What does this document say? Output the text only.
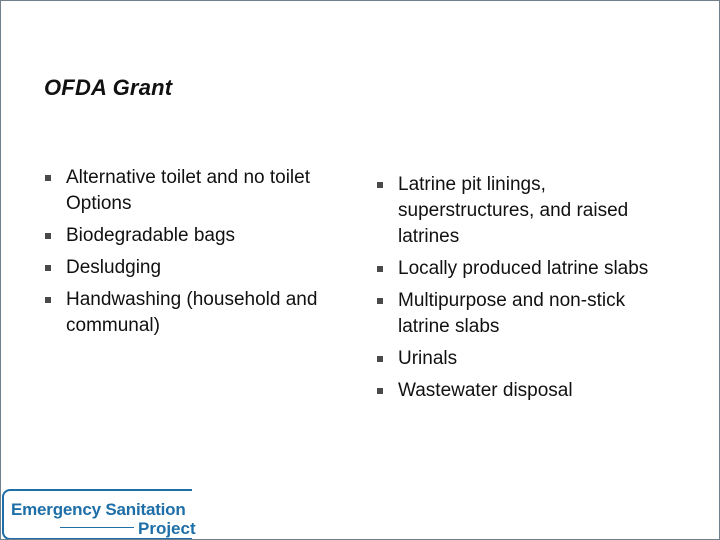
OFDA Grant
Alternative toilet and no toilet Options
Biodegradable bags
Desludging
Handwashing (household and communal)
Latrine pit linings, superstructures, and raised latrines
Locally produced latrine slabs
Multipurpose and non-stick latrine slabs
Urinals
Wastewater disposal
Emergency Sanitation
Project
